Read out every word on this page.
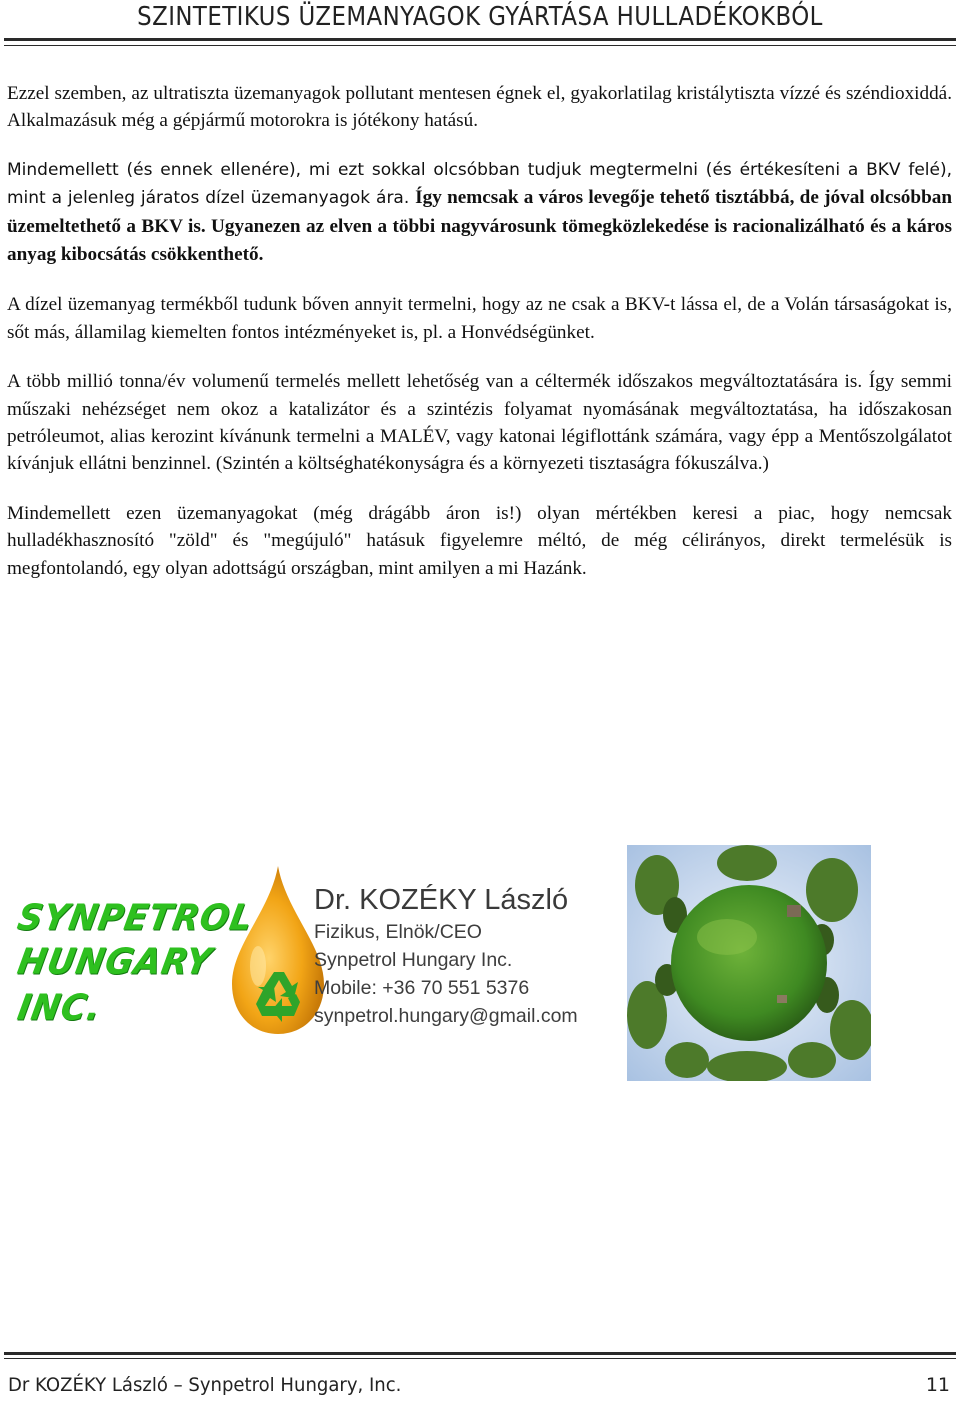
SZINTETIKUS ÜZEMANYAGOK GYÁRTÁSA HULLADÉKOKBÓL

Ezzel szemben, az ultratiszta üzemanyagok pollutant mentesen égnek el, gyakorlatilag kristálytiszta vízzé és széndioxiddá. Alkalmazásuk még a gépjármű motorokra is jótékony hatású.

Mindemellett (és ennek ellenére), mi ezt sokkal olcsóbban tudjuk megtermelni (és értékesíteni a BKV felé), mint a jelenleg járatos dízel üzemanyagok ára. Így nemcsak a város levegője tehető tisztábbá, de jóval olcsóbban üzemeltethető a BKV is. Ugyanezen az elven a többi nagyvárosunk tömegközlekedése is racionalizálható és a káros anyag kibocsátás csökkenthető.

A dízel üzemanyag termékből tudunk bőven annyit termelni, hogy az ne csak a BKV-t lássa el, de a Volán társaságokat is, sőt más, államilag kiemelten fontos intézményeket is, pl. a Honvédségünket.

A több millió tonna/év volumenű termelés mellett lehetőség van a céltermék időszakos megváltoztatására is. Így semmi műszaki nehézséget nem okoz a katalizátor és a szintézis folyamat nyomásának megváltoztatása, ha időszakosan petróleumot, alias kerozint kívánunk termelni a MALÉV, vagy katonai légiflottánk számára, vagy épp a Mentőszolgálatot kívánjuk ellátni benzinnel. (Szintén a költséghatékonyságra és a környezeti tisztaságra fókuszálva.)

Mindemellett ezen üzemanyagokat (még drágább áron is!) olyan mértékben keresi a piac, hogy nemcsak hulladékhasznosító "zöld" és "megújuló" hatásuk figyelemre méltó, de még célirányos, direkt termelésük is megfontolandó, egy olyan adottságú országban, mint amilyen a mi Hazánk.

SYNPETROL
HUNGARY
INC.
Dr. KOZÉKY László
Fizikus, Elnök/CEO
Synpetrol Hungary Inc.
Mobile: +36 70 551 5376
synpetrol.hungary@gmail.com
Dr KOZÉKY László – Synpetrol Hungary, Inc.	11
